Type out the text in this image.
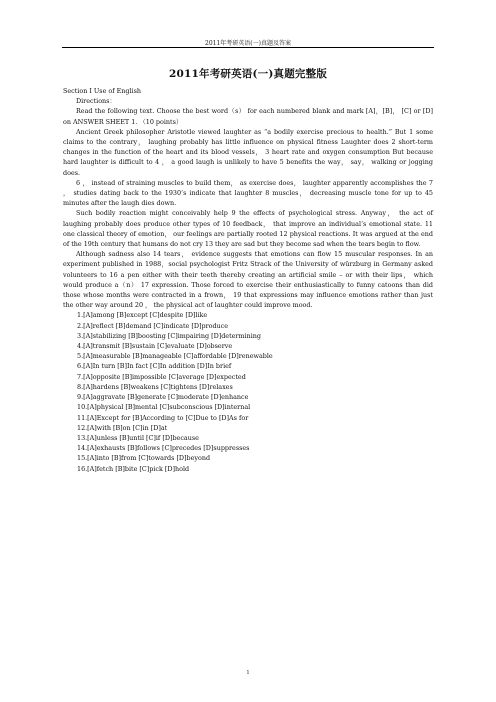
2011年考研英语(一)真题及答案
2011年考研英语(一)真题完整版

Section I Use of English

Directions：

Read the following text. Choose the best word（s） for each numbered blank and mark [A]，[B]， [C] or [D] on ANSWER SHEET 1. （10 points）

Ancient Greek philosopher Aristotle viewed laughter as “a bodily exercise precious to health.” But 1 some claims to the contrary， laughing probably has little influence on physical fitness Laughter does 2 short-term changes in the function of the heart and its blood vessels， 3 heart rate and oxygen consumption But because hard laughter is difficult to 4 ， a good laugh is unlikely to have 5 benefits the way， say， walking or jogging does.

6 ， instead of straining muscles to build them， as exercise does， laughter apparently accomplishes the 7 ， studies dating back to the 1930‘s indicate that laughter 8 muscles， decreasing muscle tone for up to 45 minutes after the laugh dies down.

Such bodily reaction might conceivably help 9 the effects of psychological stress. Anyway， the act of laughing probably does produce other types of 10 feedback， that improve an individual‘s emotional state. 11 one classical theory of emotion， our feelings are partially rooted 12 physical reactions. It was argued at the end of the 19th century that humans do not cry 13 they are sad but they become sad when the tears begin to flow.

Although sadness also 14 tears， evidence suggests that emotions can flow 15 muscular responses. In an experiment published in 1988，social psychologist Fritz Strack of the University of würzburg in Germany asked volunteers to 16 a pen either with their teeth thereby creating an artificial smile – or with their lips， which would produce a（n） 17 expression. Those forced to exercise their enthusiastically to funny catoons than did those whose months were contracted in a frown， 19 that expressions may influence emotions rather than just the other way around 20 ， the physical act of laughter could improve mood.

1.[A]among [B]except [C]despite [D]like

2.[A]reflect [B]demand [C]indicate [D]produce

3.[A]stabilizing [B]boosting [C]impairing [D]determining

4.[A]transmit [B]sustain [C]evaluate [D]observe

5.[A]measurable [B]manageable [C]affordable [D]renewable

6.[A]In turn [B]In fact [C]In addition [D]In brief

7.[A]opposite [B]impossible [C]average [D]expected

8.[A]hardens [B]weakens [C]tightens [D]relaxes

9.[A]aggravate [B]generate [C]moderate [D]enhance

10.[A]physical [B]mental [C]subconscious [D]internal

11.[A]Except for [B]According to [C]Due to [D]As for

12.[A]with [B]on [C]in [D]at

13.[A]unless [B]until [C]if [D]because

14.[A]exhausts [B]follows [C]precedes [D]suppresses

15.[A]into [B]from [C]towards [D]beyond

16.[A]fetch [B]bite [C]pick [D]hold

1
